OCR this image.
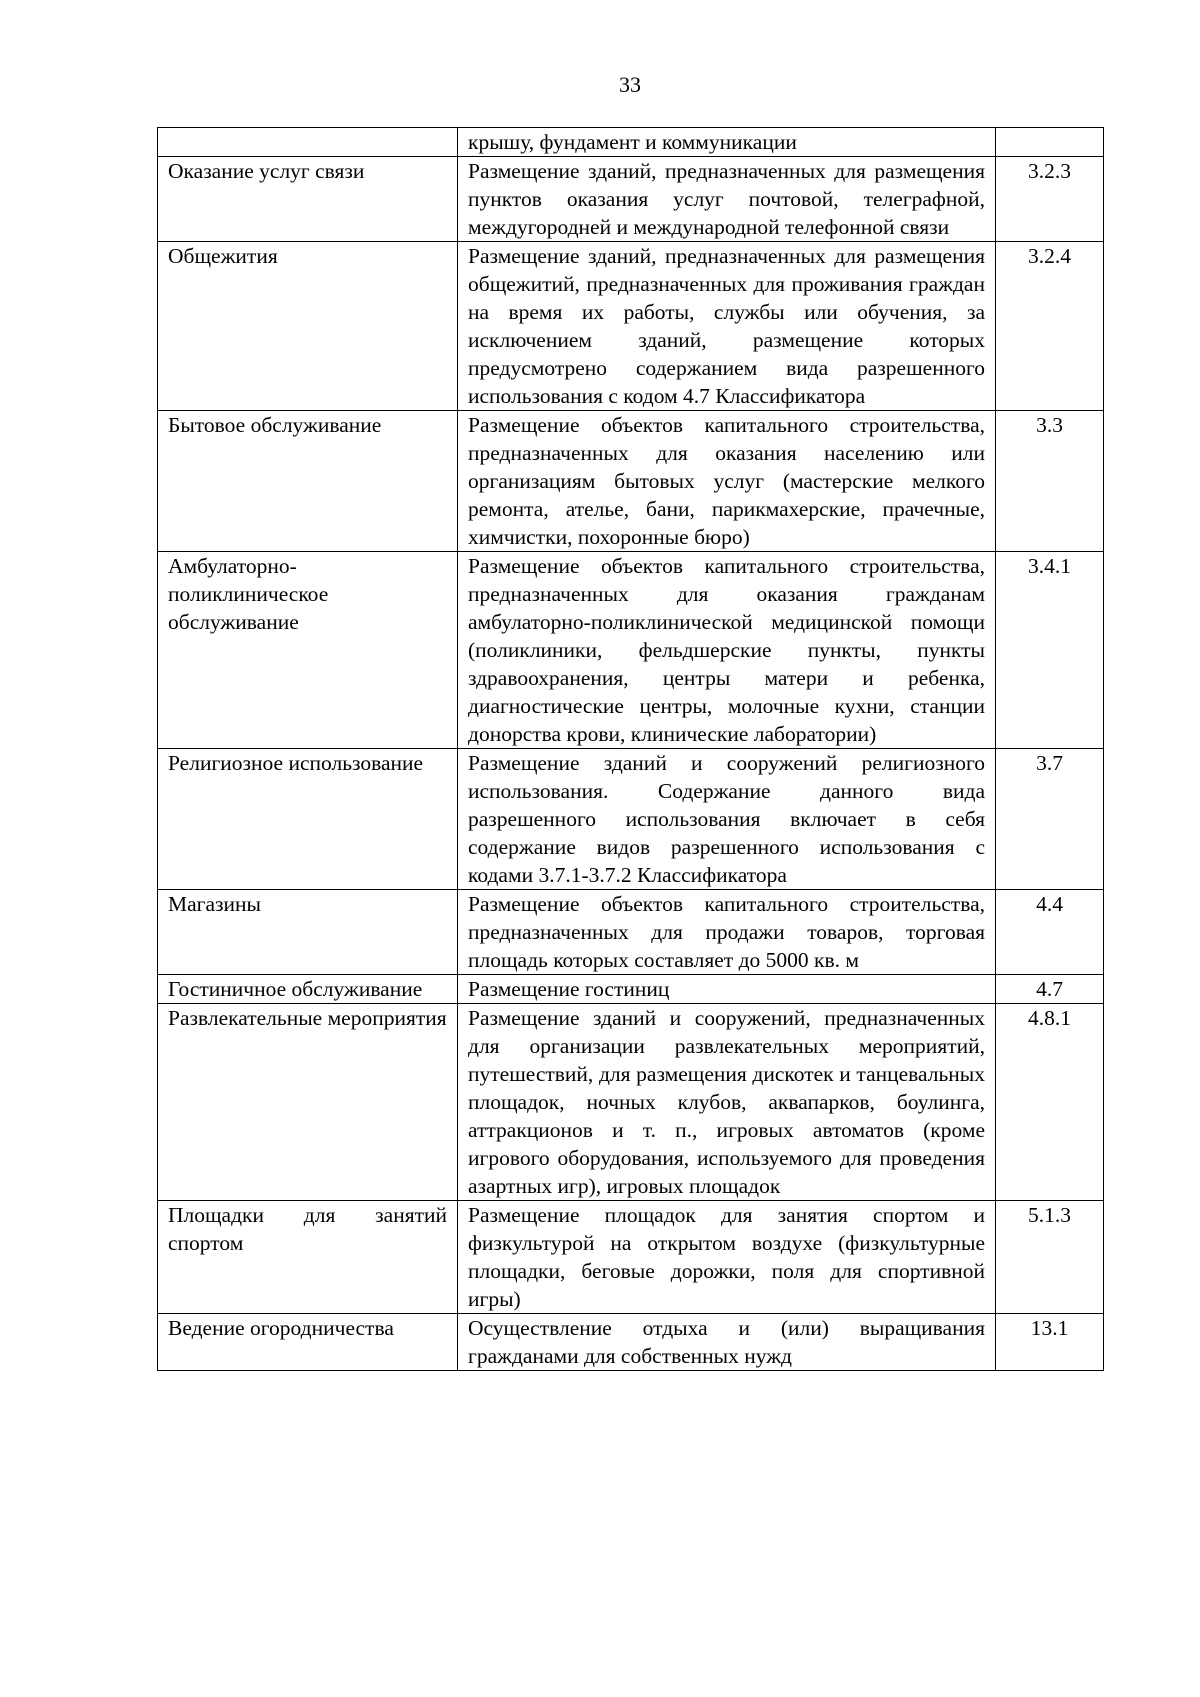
33
	крышу, фундамент и коммуникации	
Оказание услуг связи	Размещение зданий, предназначенных для размещения пунктов оказания услуг почтовой, телеграфной, междугородней и международной телефонной связи	3.2.3
Общежития	Размещение зданий, предназначенных для размещения общежитий, предназначенных для проживания граждан на время их работы, службы или обучения, за исключением зданий, размещение которых предусмотрено содержанием вида разрешенного использования с кодом 4.7 Классификатора	3.2.4
Бытовое обслуживание	Размещение объектов капитального строительства, предназначенных для оказания населению или организациям бытовых услуг (мастерские мелкого ремонта, ателье, бани, парикмахерские, прачечные, химчистки, похоронные бюро)	3.3
Амбулаторно-поликлиническое обслуживание	Размещение объектов капитального строительства, предназначенных для оказания гражданам амбулаторно-поликлинической медицинской помощи (поликлиники, фельдшерские пункты, пункты здравоохранения, центры матери и ребенка, диагностические центры, молочные кухни, станции донорства крови, клинические лаборатории)	3.4.1
Религиозное использование	Размещение зданий и сооружений религиозного использования. Содержание данного вида разрешенного использования включает в себя содержание видов разрешенного использования с кодами 3.7.1-3.7.2 Классификатора	3.7
Магазины	Размещение объектов капитального строительства, предназначенных для продажи товаров, торговая площадь которых составляет до 5000 кв. м	4.4
Гостиничное обслуживание	Размещение гостиниц	4.7
Развлекательные мероприятия	Размещение зданий и сооружений, предназначенных для организации развлекательных мероприятий, путешествий, для размещения дискотек и танцевальных площадок, ночных клубов, аквапарков, боулинга, аттракционов и т. п., игровых автоматов (кроме игрового оборудования, используемого для проведения азартных игр), игровых площадок	4.8.1
Площадки для занятий спортом	Размещение площадок для занятия спортом и физкультурой на открытом воздухе (физкультурные площадки, беговые дорожки, поля для спортивной игры)	5.1.3
Ведение огородничества	Осуществление отдыха и (или) выращивания гражданами для собственных нужд	13.1
